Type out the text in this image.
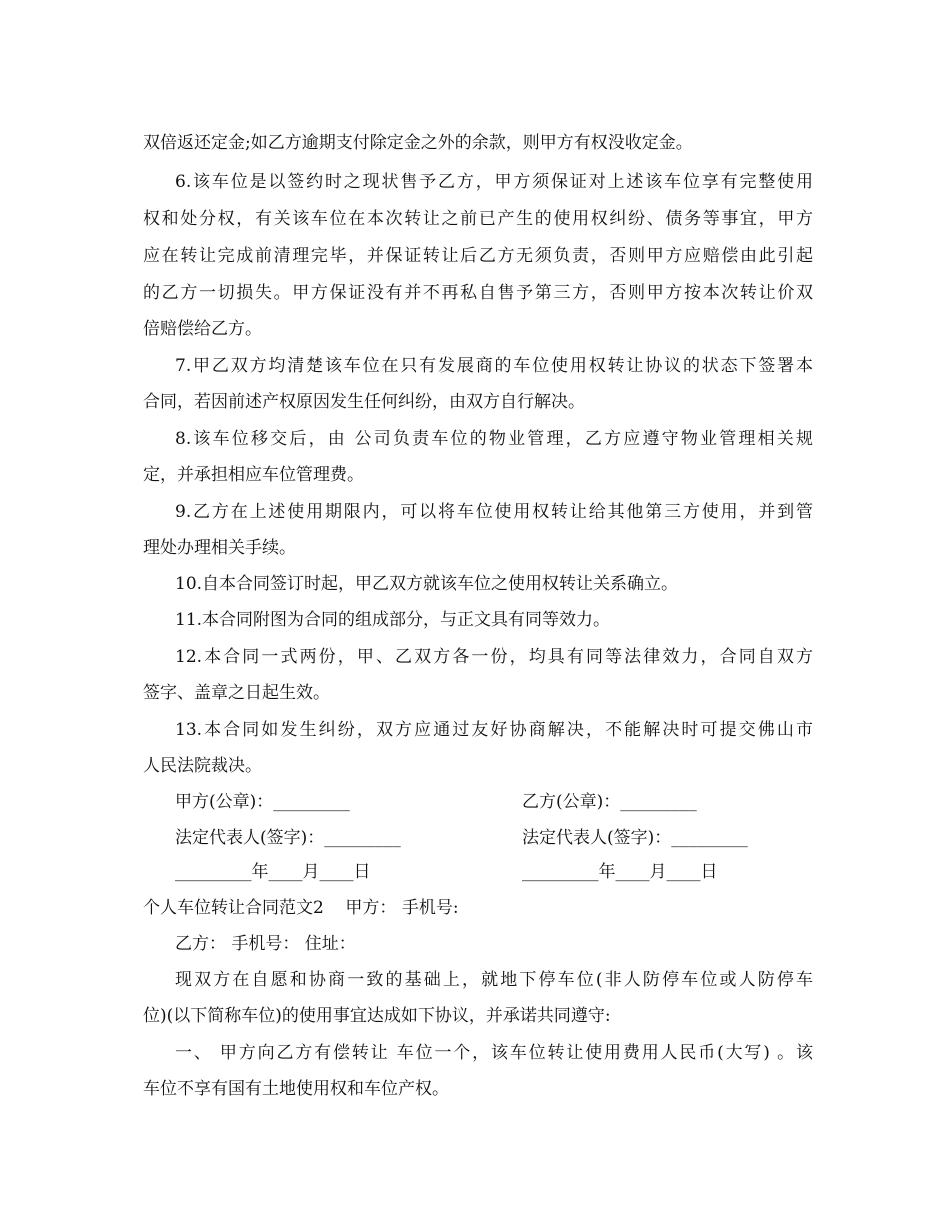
双倍返还定金;如乙方逾期支付除定金之外的余款，则甲方有权没收定金。
6.该车位是以签约时之现状售予乙方，甲方须保证对上述该车位享有完整使用
权和处分权，有关该车位在本次转让之前已产生的使用权纠纷、债务等事宜，甲方
应在转让完成前清理完毕，并保证转让后乙方无须负责，否则甲方应赔偿由此引起
的乙方一切损失。甲方保证没有并不再私自售予第三方，否则甲方按本次转让价双
倍赔偿给乙方。
7.甲乙双方均清楚该车位在只有发展商的车位使用权转让协议的状态下签署本
合同，若因前述产权原因发生任何纠纷，由双方自行解决。
8.该车位移交后，由 公司负责车位的物业管理，乙方应遵守物业管理相关规
定，并承担相应车位管理费。
9.乙方在上述使用期限内，可以将车位使用权转让给其他第三方使用，并到管
理处办理相关手续。
10.自本合同签订时起，甲乙双方就该车位之使用权转让关系确立。
11.本合同附图为合同的组成部分，与正文具有同等效力。
12.本合同一式两份，甲、乙双方各一份，均具有同等法律效力，合同自双方
签字、盖章之日起生效。
13.本合同如发生纠纷，双方应通过友好协商解决，不能解决时可提交佛山市
人民法院裁决。
甲方(公章)：_________	乙方(公章)：_________
法定代表人(签字)：_________	法定代表人(签字)：_________
_________年____月____日	_________年____月____日
个人车位转让合同范文2    甲方： 手机号:
乙方： 手机号： 住址：
现双方在自愿和协商一致的基础上，就地下停车位(非人防停车位或人防停车
位)(以下简称车位)的使用事宜达成如下协议，并承诺共同遵守:
一、 甲方向乙方有偿转让 车位一个，该车位转让使用费用人民币(大写) 。该
车位不享有国有土地使用权和车位产权。
